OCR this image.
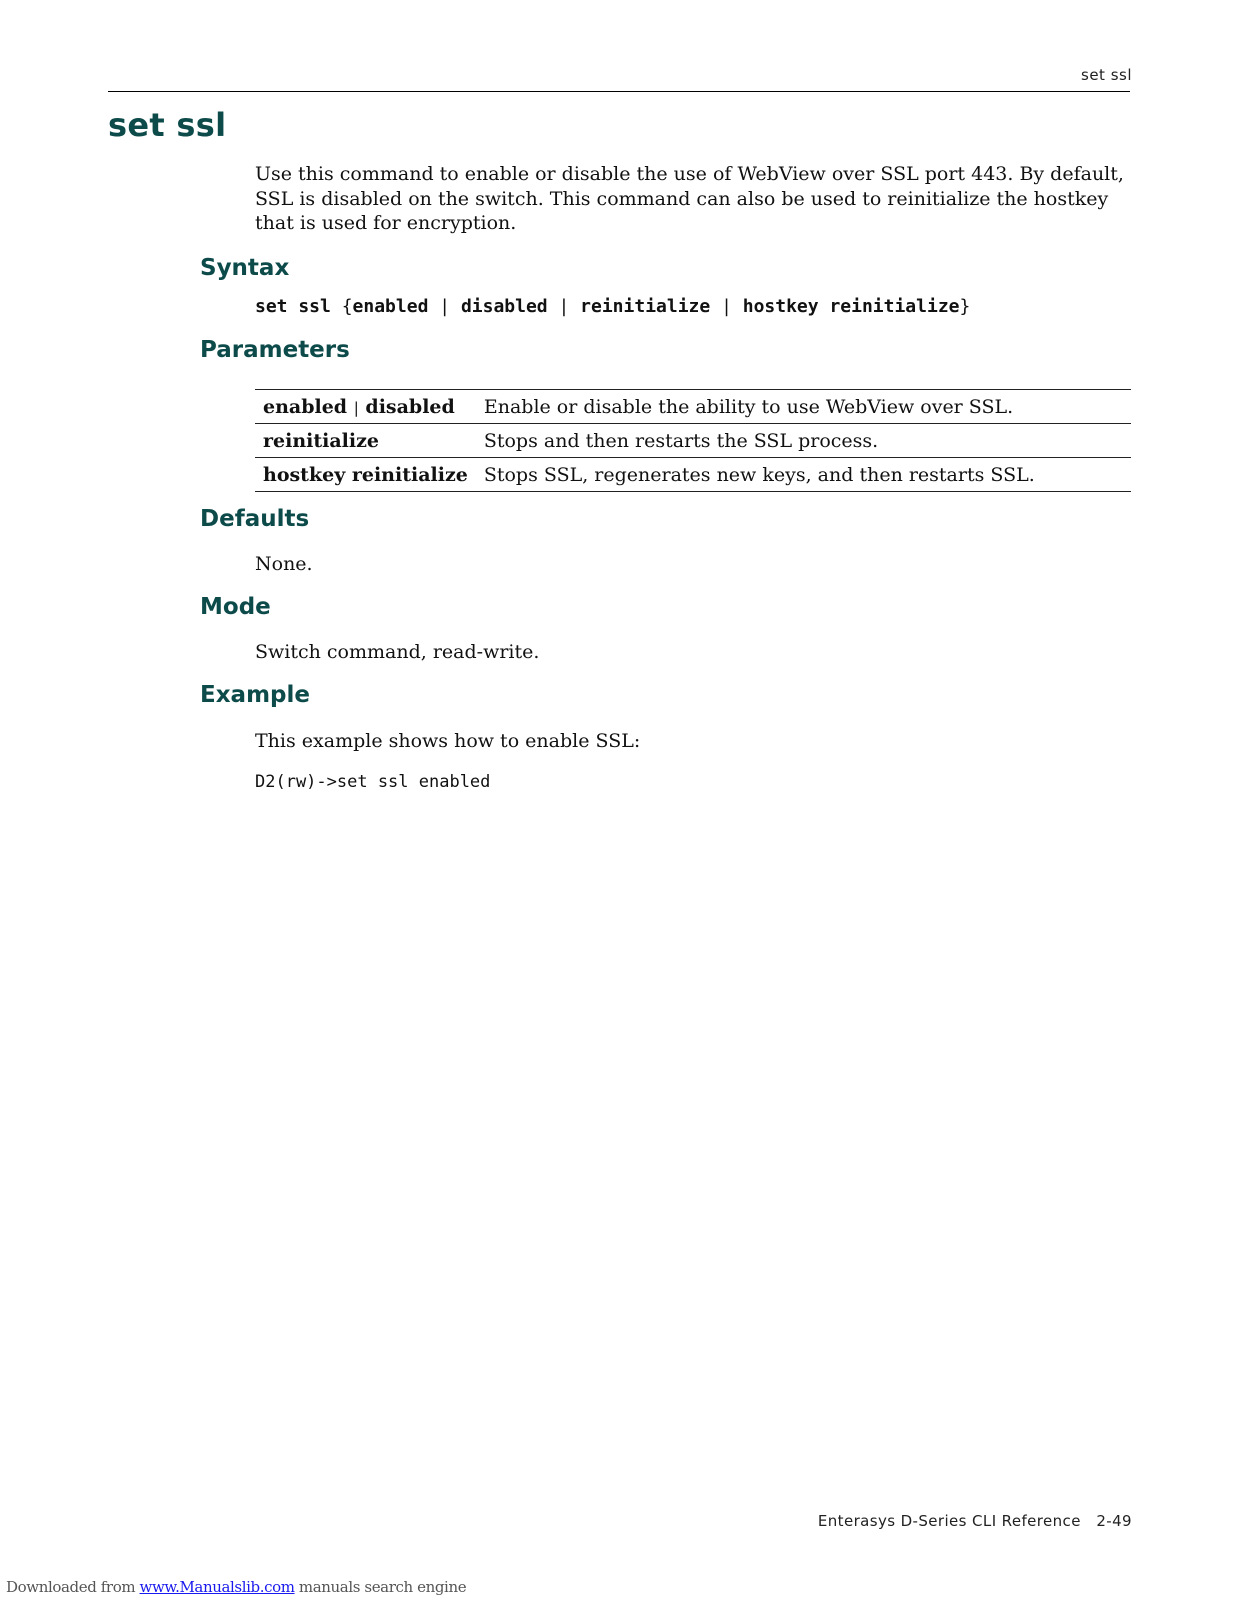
set ssl
set ssl

Use this command to enable or disable the use of WebView over SSL port 443. By default, SSL is disabled on the switch. This command can also be used to reinitialize the hostkey that is used for encryption.

Syntax
set ssl {enabled | disabled | reinitialize | hostkey reinitialize}
Parameters
enabled | disabled	Enable or disable the ability to use WebView over SSL.
reinitialize	Stops and then restarts the SSL process.
hostkey reinitialize	Stops SSL, regenerates new keys, and then restarts SSL.
Defaults

None.

Mode

Switch command, read-write.

Example

This example shows how to enable SSL:

D2(rw)->set ssl enabled
Enterasys D-Series CLI Reference 2-49
Downloaded from www.Manualslib.com manuals search engine
